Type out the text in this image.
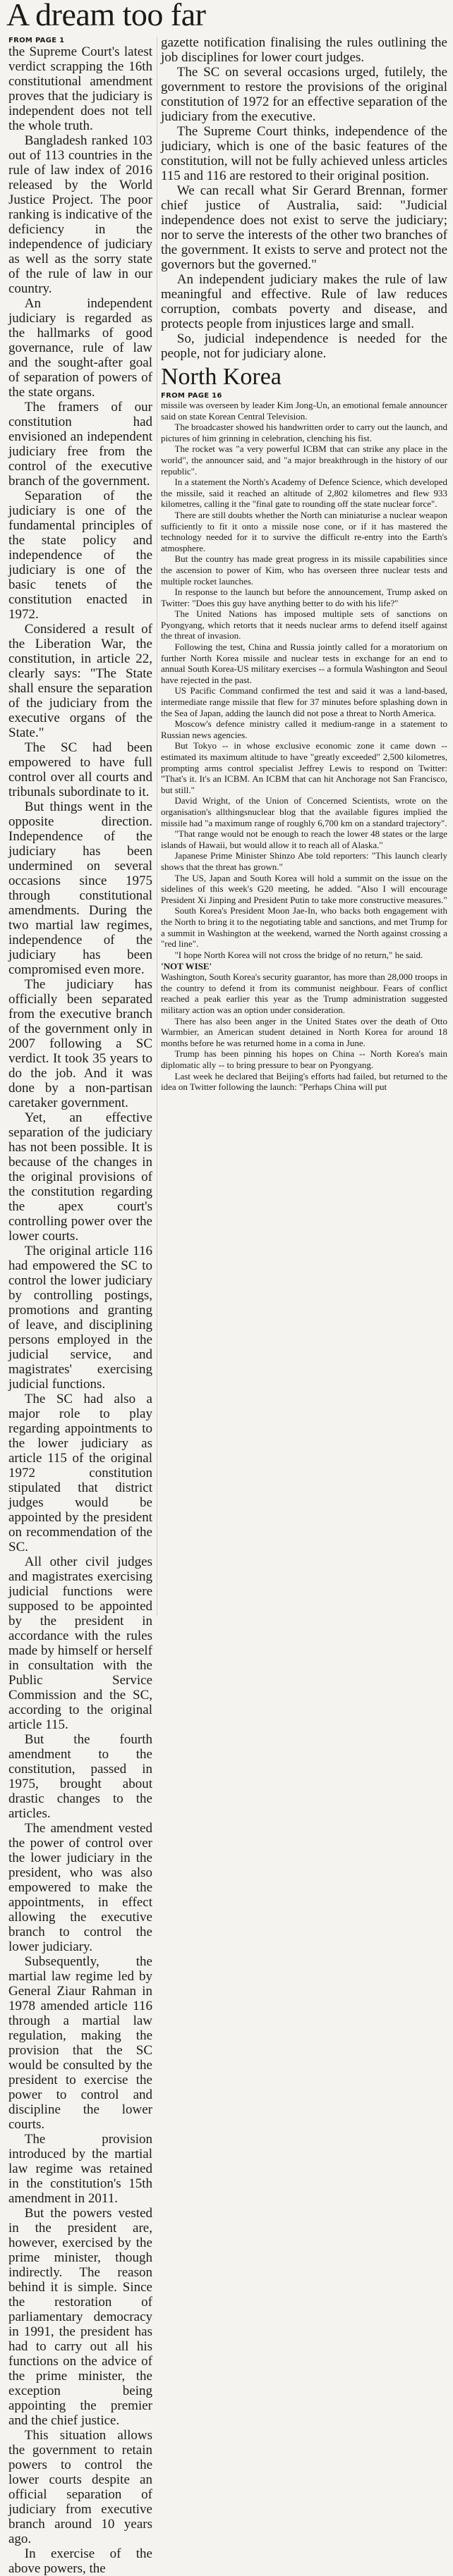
A dream too far
FROM PAGE 1

the Supreme Court's latest verdict scrapping the 16th constitutional amendment proves that the judiciary is independent does not tell the whole truth.

Bangladesh ranked 103 out of 113 countries in the rule of law index of 2016 released by the World Justice Project. The poor ranking is indicative of the deficiency in the independence of judiciary as well as the sorry state of the rule of law in our country.

An independent judiciary is regarded as the hallmarks of good governance, rule of law and the sought-after goal of separation of powers of the state organs.

The framers of our constitution had envisioned an independent judiciary free from the control of the executive branch of the government.

Separation of the judiciary is one of the fundamental principles of the state policy and independence of the judiciary is one of the basic tenets of the constitution enacted in 1972.

Considered a result of the Liberation War, the constitution, in article 22, clearly says: "The State shall ensure the separation of the judiciary from the executive organs of the State."

The SC had been empowered to have full control over all courts and tribunals subordinate to it.

But things went in the opposite direction. Independence of the judiciary has been undermined on several occasions since 1975 through constitutional amendments. During the two martial law regimes, independence of the judiciary has been compromised even more.

The judiciary has officially been separated from the executive branch of the government only in 2007 following a SC verdict. It took 35 years to do the job. And it was done by a non-partisan caretaker government.

Yet, an effective separation of the judiciary has not been possible. It is because of the changes in the original provisions of the constitution regarding the apex court's controlling power over the lower courts.

The original article 116 had empowered the SC to control the lower judiciary by controlling postings, promotions and granting of leave, and disciplining persons employed in the judicial service, and magistrates' exercising judicial functions.

The SC had also a major role to play regarding appointments to the lower judiciary as article 115 of the original 1972 constitution stipulated that district judges would be appointed by the president on recommendation of the SC.

All other civil judges and magistrates exercising judicial functions were supposed to be appointed by the president in accordance with the rules made by himself or herself in consultation with the Public Service Commission and the SC, according to the original article 115.

But the fourth amendment to the constitution, passed in 1975, brought about drastic changes to the articles.

The amendment vested the power of control over the lower judiciary in the president, who was also empowered to make the appointments, in effect allowing the executive branch to control the lower judiciary.

Subsequently, the martial law regime led by General Ziaur Rahman in 1978 amended article 116 through a martial law regulation, making the provision that the SC would be consulted by the president to exercise the power to control and discipline the lower courts.

The provision introduced by the martial law regime was retained in the constitution's 15th amendment in 2011.

But the powers vested in the president are, however, exercised by the prime minister, though indirectly. The reason behind it is simple. Since the restoration of parliamentary democracy in 1991, the president has had to carry out all his functions on the advice of the prime minister, the exception being appointing the premier and the chief justice.

This situation allows the government to retain powers to control the lower courts despite an official separation of judiciary from executive branch around 10 years ago.

In exercise of the above powers, the

gazette notification finalising the rules outlining the job disciplines for lower court judges.

The SC on several occasions urged, futilely, the government to restore the provisions of the original constitution of 1972 for an effective separation of the judiciary from the executive.

The Supreme Court thinks, independence of the judiciary, which is one of the basic features of the constitution, will not be fully achieved unless articles 115 and 116 are restored to their original position.

We can recall what Sir Gerard Brennan, former chief justice of Australia, said: "Judicial independence does not exist to serve the judiciary; nor to serve the interests of the other two branches of the government. It exists to serve and protect not the governors but the governed."

An independent judiciary makes the rule of law meaningful and effective. Rule of law reduces corruption, combats poverty and disease, and protects people from injustices large and small.

So, judicial independence is needed for the people, not for judiciary alone.

North Korea
FROM PAGE 16

missile was overseen by leader Kim Jong-Un, an emotional female announcer said on state Korean Central Television.

The broadcaster showed his handwritten order to carry out the launch, and pictures of him grinning in celebration, clenching his fist.

The rocket was "a very powerful ICBM that can strike any place in the world", the announcer said, and "a major breakthrough in the history of our republic".

In a statement the North's Academy of Defence Science, which developed the missile, said it reached an altitude of 2,802 kilometres and flew 933 kilometres, calling it the "final gate to rounding off the state nuclear force".

There are still doubts whether the North can miniaturise a nuclear weapon sufficiently to fit it onto a missile nose cone, or if it has mastered the technology needed for it to survive the difficult re-entry into the Earth's atmosphere.

But the country has made great progress in its missile capabilities since the ascension to power of Kim, who has overseen three nuclear tests and multiple rocket launches.

In response to the launch but before the announcement, Trump asked on Twitter: "Does this guy have anything better to do with his life?"

The United Nations has imposed multiple sets of sanctions on Pyongyang, which retorts that it needs nuclear arms to defend itself against the threat of invasion.

Following the test, China and Russia jointly called for a moratorium on further North Korea missile and nuclear tests in exchange for an end to annual South Korea-US military exercises -- a formula Washington and Seoul have rejected in the past.

US Pacific Command confirmed the test and said it was a land-based, intermediate range missile that flew for 37 minutes before splashing down in the Sea of Japan, adding the launch did not pose a threat to North America.

Moscow's defence ministry called it medium-range in a statement to Russian news agencies.

But Tokyo -- in whose exclusive economic zone it came down -- estimated its maximum altitude to have "greatly exceeded" 2,500 kilometres, prompting arms control specialist Jeffrey Lewis to respond on Twitter: "That's it. It's an ICBM. An ICBM that can hit Anchorage not San Francisco, but still."

David Wright, of the Union of Concerned Scientists, wrote on the organisation's allthingsnuclear blog that the available figures implied the missile had "a maximum range of roughly 6,700 km on a standard trajectory".

"That range would not be enough to reach the lower 48 states or the large islands of Hawaii, but would allow it to reach all of Alaska."

Japanese Prime Minister Shinzo Abe told reporters: "This launch clearly shows that the threat has grown."

The US, Japan and South Korea will hold a summit on the issue on the sidelines of this week's G20 meeting, he added. "Also I will encourage President Xi Jinping and President Putin to take more constructive measures."

South Korea's President Moon Jae-In, who backs both engagement with the North to bring it to the negotiating table and sanctions, and met Trump for a summit in Washington at the weekend, warned the North against crossing a "red line".

"I hope North Korea will not cross the bridge of no return," he said.

'NOT WISE'

Washington, South Korea's security guarantor, has more than 28,000 troops in the country to defend it from its communist neighbour. Fears of conflict reached a peak earlier this year as the Trump administration suggested military action was an option under consideration.

There has also been anger in the United States over the death of Otto Warmbier, an American student detained in North Korea for around 18 months before he was returned home in a coma in June.

Trump has been pinning his hopes on China -- North Korea's main diplomatic ally -- to bring pressure to bear on Pyongyang.

Last week he declared that Beijing's efforts had failed, but returned to the idea on Twitter following the launch: "Perhaps China will put
